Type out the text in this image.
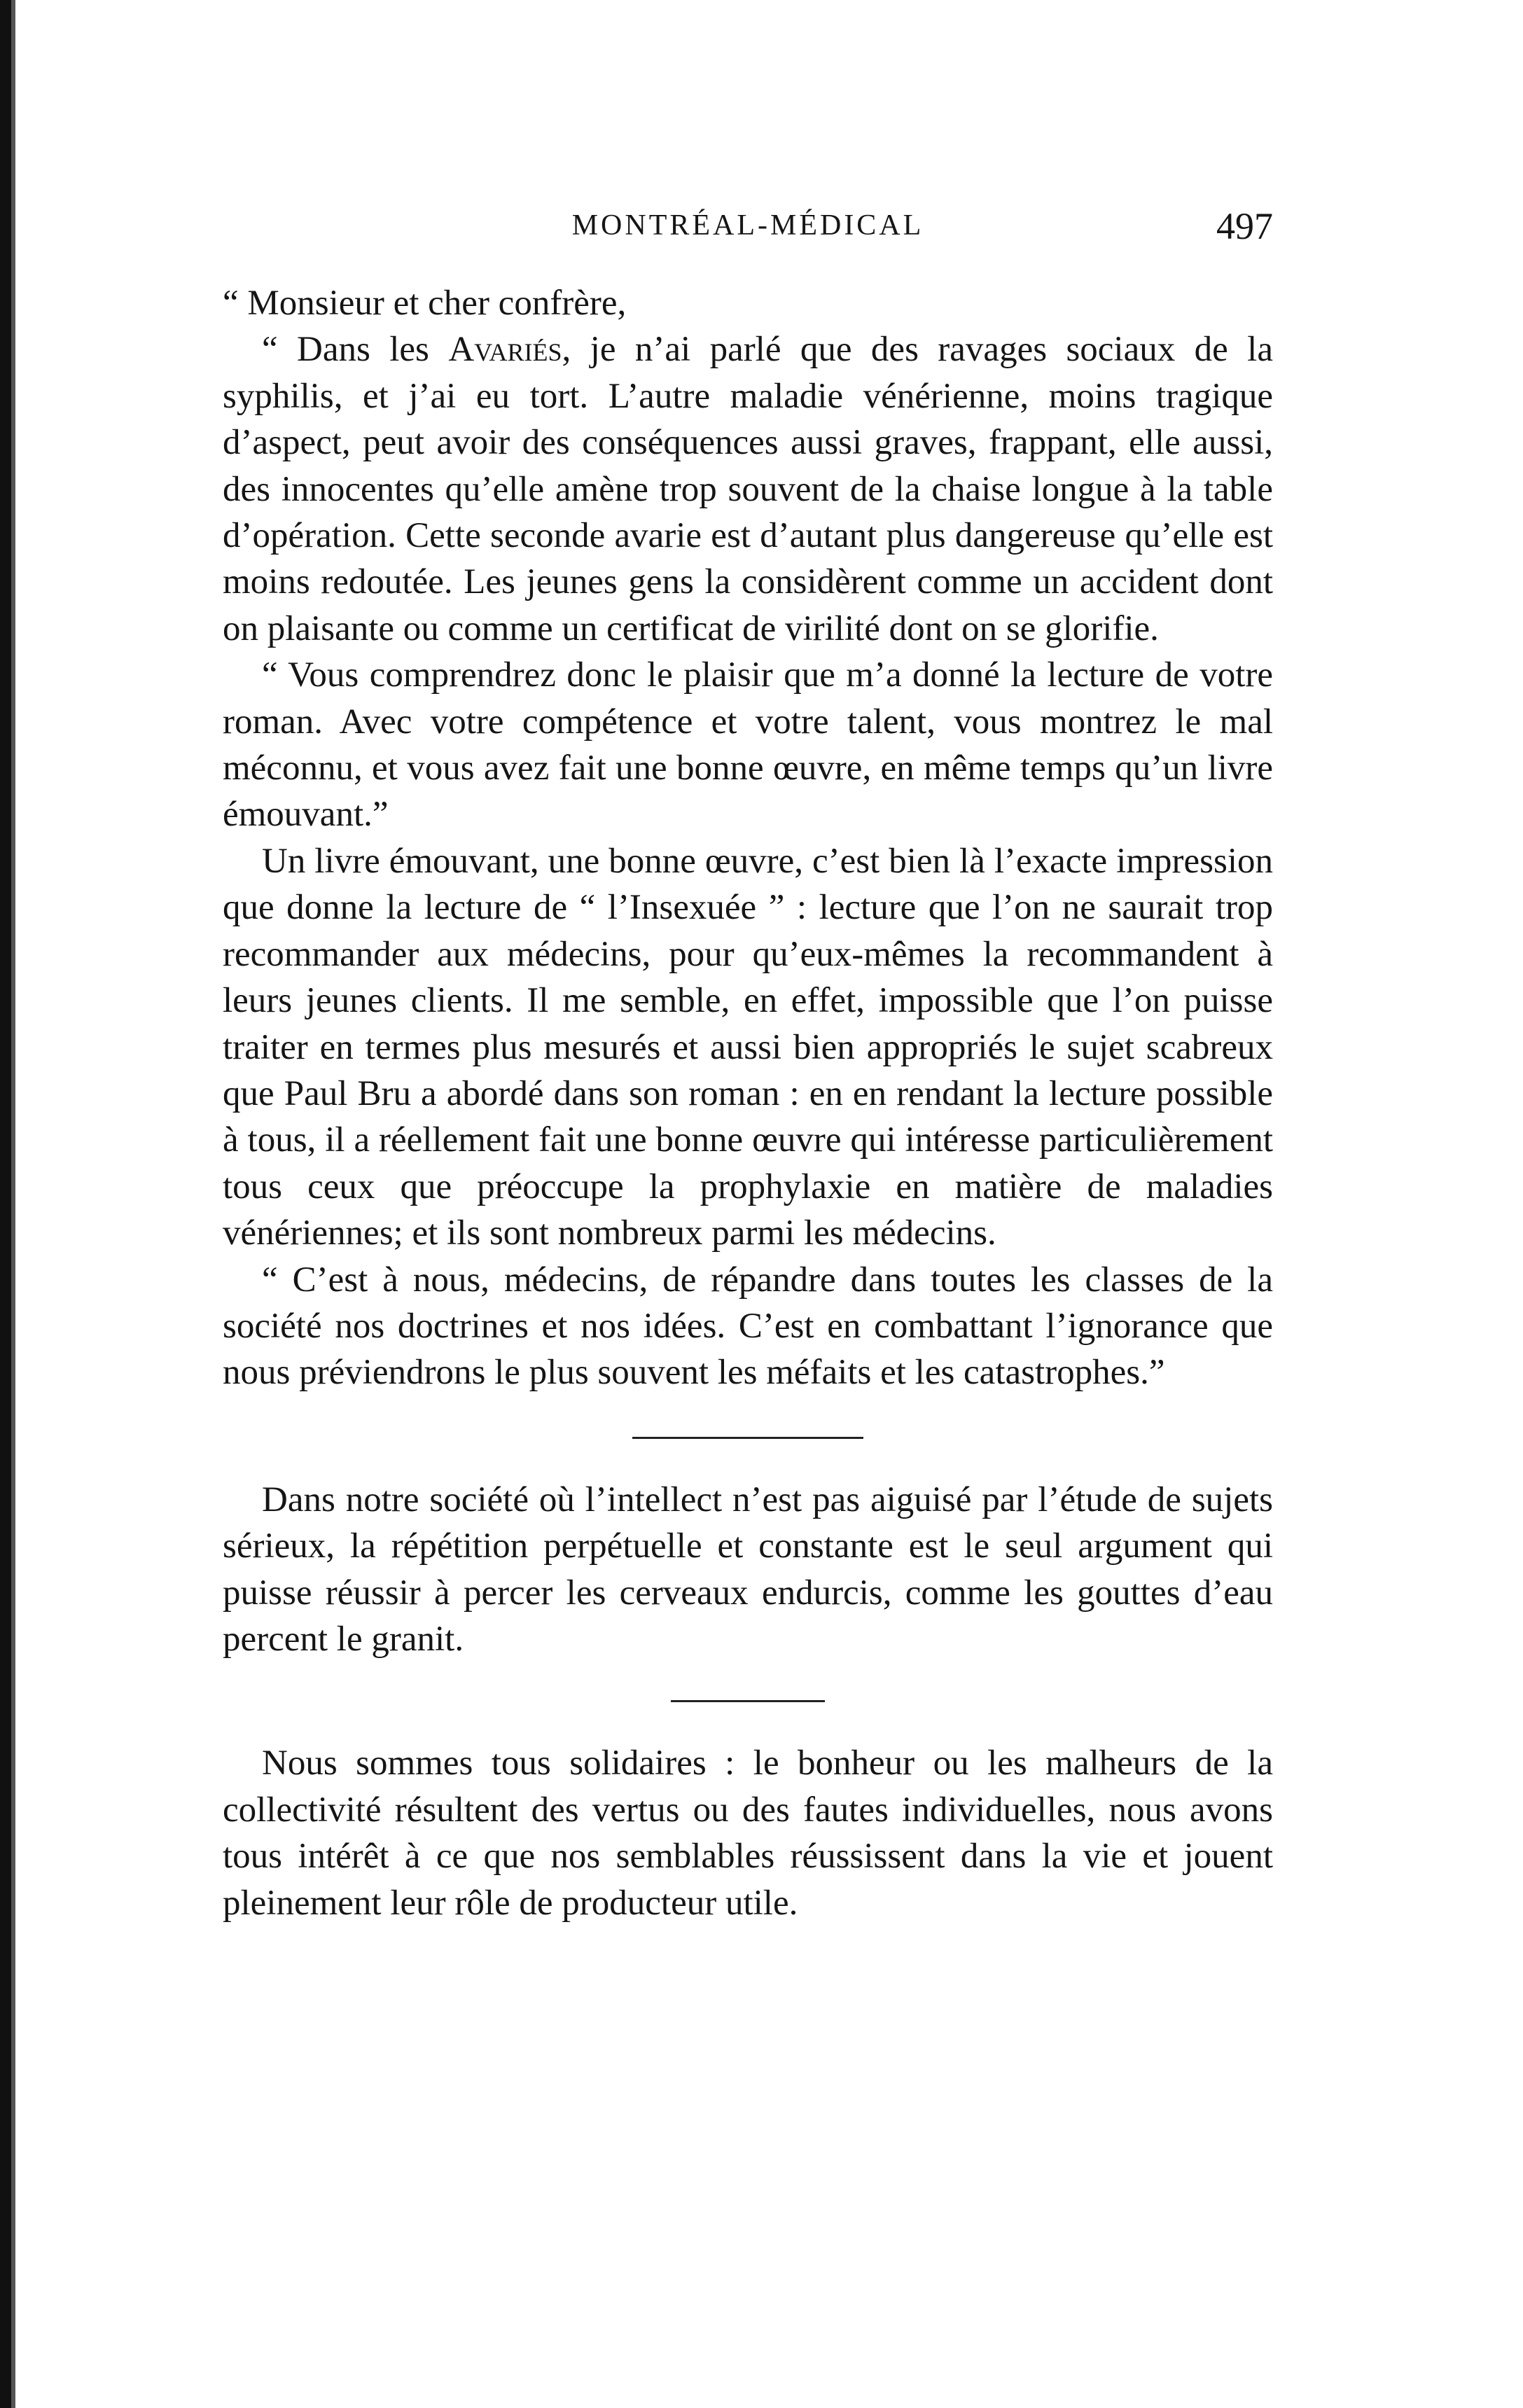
MONTRÉAL-MÉDICAL	497

“ Monsieur et cher confrère,

“ Dans les Avariés, je n’ai parlé que des ravages sociaux de la syphilis, et j’ai eu tort. L’autre maladie vénérienne, moins tragique d’aspect, peut avoir des conséquences aussi graves, frappant, elle aussi, des innocentes qu’elle amène trop souvent de la chaise longue à la table d’opération. Cette seconde avarie est d’autant plus dangereuse qu’elle est moins redoutée. Les jeunes gens la considèrent comme un accident dont on plaisante ou comme un certificat de virilité dont on se glorifie.

“ Vous comprendrez donc le plaisir que m’a donné la lecture de votre roman. Avec votre compétence et votre talent, vous montrez le mal méconnu, et vous avez fait une bonne œuvre, en même temps qu’un livre émouvant.”

Un livre émouvant, une bonne œuvre, c’est bien là l’exacte impression que donne la lecture de “ l’Insexuée ” : lecture que l’on ne saurait trop recommander aux médecins, pour qu’eux-mêmes la recommandent à leurs jeunes clients. Il me semble, en effet, impossible que l’on puisse traiter en termes plus mesurés et aussi bien appropriés le sujet scabreux que Paul Bru a abordé dans son roman : en en rendant la lecture possible à tous, il a réellement fait une bonne œuvre qui intéresse particulièrement tous ceux que préoccupe la prophylaxie en matière de maladies vénériennes; et ils sont nombreux parmi les médecins.

“ C’est à nous, médecins, de répandre dans toutes les classes de la société nos doctrines et nos idées. C’est en combattant l’ignorance que nous préviendrons le plus souvent les méfaits et les catastrophes.”

Dans notre société où l’intellect n’est pas aiguisé par l’étude de sujets sérieux, la répétition perpétuelle et constante est le seul argument qui puisse réussir à percer les cerveaux endurcis, comme les gouttes d’eau percent le granit.

Nous sommes tous solidaires : le bonheur ou les malheurs de la collectivité résultent des vertus ou des fautes individuelles, nous avons tous intérêt à ce que nos semblables réussissent dans la vie et jouent pleinement leur rôle de producteur utile.
